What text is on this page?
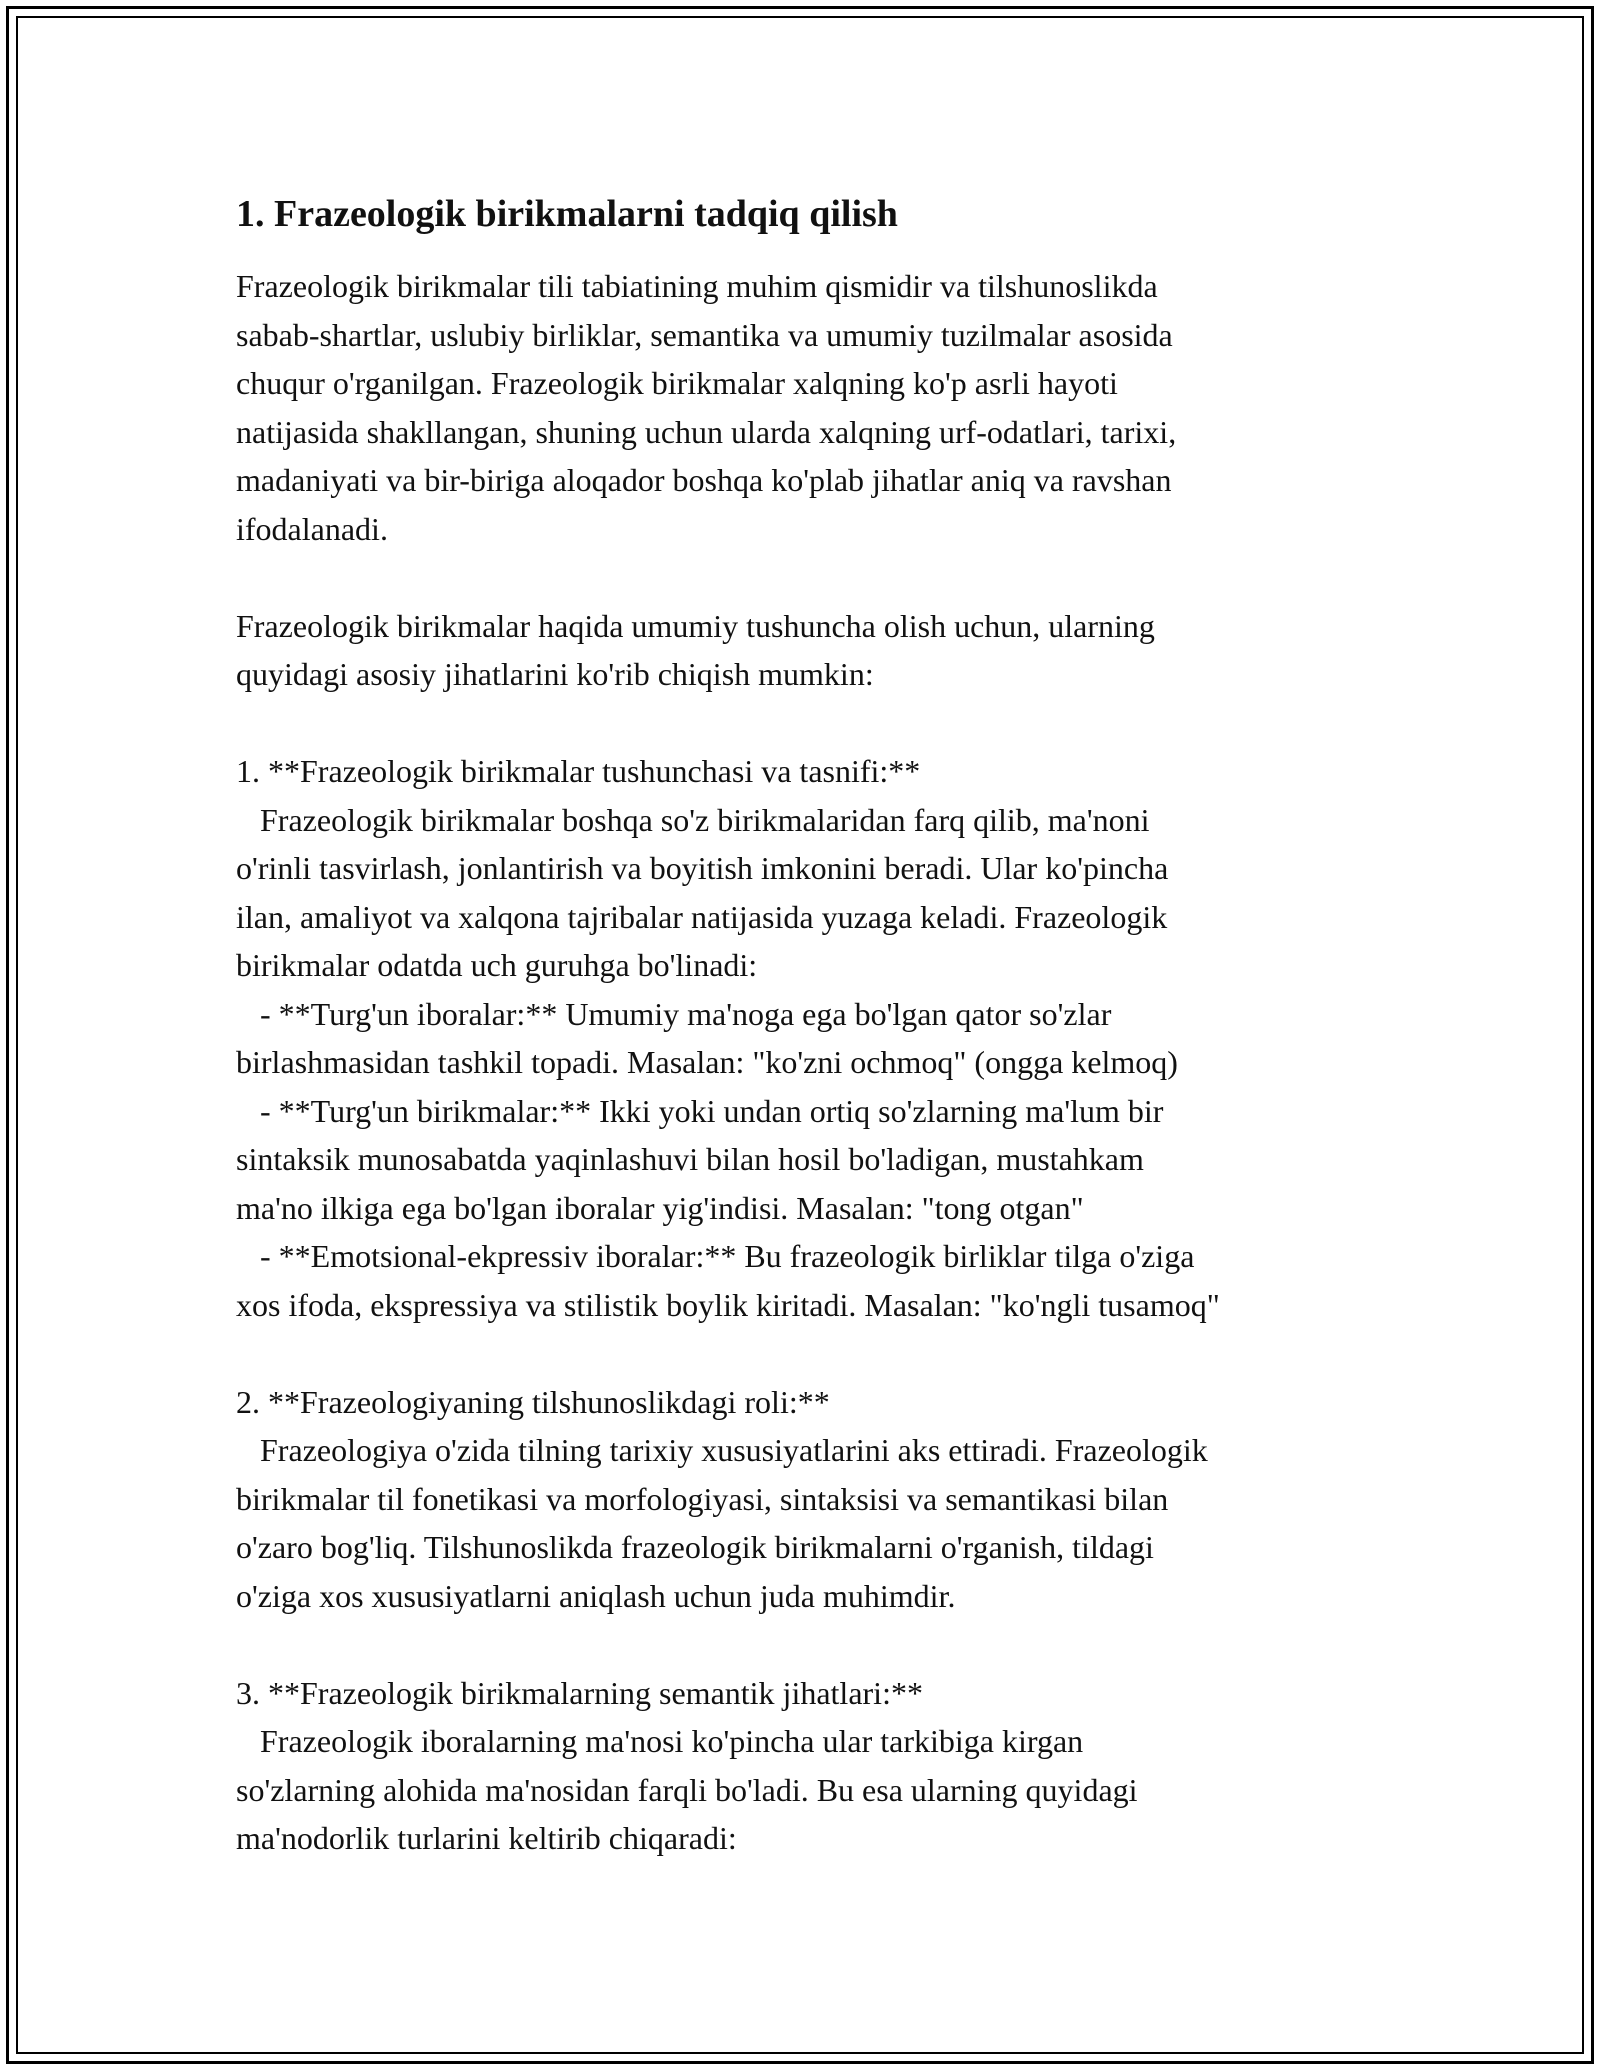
1. Frazeologik birikmalarni tadqiq qilish

Frazeologik birikmalar tili tabiatining muhim qismidir va tilshunoslikda
sabab-shartlar, uslubiy birliklar, semantika va umumiy tuzilmalar asosida
chuqur o'rganilgan. Frazeologik birikmalar xalqning ko'p asrli hayoti
natijasida shakllangan, shuning uchun ularda xalqning urf-odatlari, tarixi,
madaniyati va bir-biriga aloqador boshqa ko'plab jihatlar aniq va ravshan
ifodalanadi.

Frazeologik birikmalar haqida umumiy tushuncha olish uchun, ularning
quyidagi asosiy jihatlarini ko'rib chiqish mumkin:

1. **Frazeologik birikmalar tushunchasi va tasnifi:**
Frazeologik birikmalar boshqa so'z birikmalaridan farq qilib, ma'noni
o'rinli tasvirlash, jonlantirish va boyitish imkonini beradi. Ular ko'pincha
ilan, amaliyot va xalqona tajribalar natijasida yuzaga keladi. Frazeologik
birikmalar odatda uch guruhga bo'linadi:
- **Turg'un iboralar:** Umumiy ma'noga ega bo'lgan qator so'zlar
birlashmasidan tashkil topadi. Masalan: "ko'zni ochmoq" (ongga kelmoq)
- **Turg'un birikmalar:** Ikki yoki undan ortiq so'zlarning ma'lum bir
sintaksik munosabatda yaqinlashuvi bilan hosil bo'ladigan, mustahkam
ma'no ilkiga ega bo'lgan iboralar yig'indisi. Masalan: "tong otgan"
- **Emotsional-ekpressiv iboralar:** Bu frazeologik birliklar tilga o'ziga
xos ifoda, ekspressiya va stilistik boylik kiritadi. Masalan: "ko'ngli tusamoq"

2. **Frazeologiyaning tilshunoslikdagi roli:**
Frazeologiya o'zida tilning tarixiy xususiyatlarini aks ettiradi. Frazeologik
birikmalar til fonetikasi va morfologiyasi, sintaksisi va semantikasi bilan
o'zaro bog'liq. Tilshunoslikda frazeologik birikmalarni o'rganish, tildagi
o'ziga xos xususiyatlarni aniqlash uchun juda muhimdir.

3. **Frazeologik birikmalarning semantik jihatlari:**
Frazeologik iboralarning ma'nosi ko'pincha ular tarkibiga kirgan
so'zlarning alohida ma'nosidan farqli bo'ladi. Bu esa ularning quyidagi
ma'nodorlik turlarini keltirib chiqaradi:
